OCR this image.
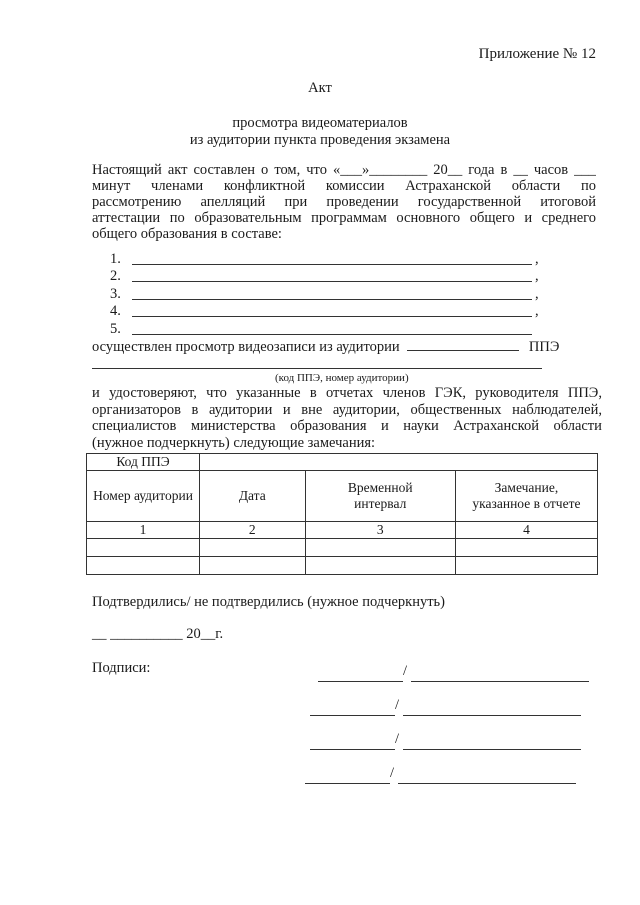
Приложение № 12
Акт
просмотра видеоматериалов
из аудитории пункта проведения экзамена
Настоящий акт составлен о том, что «___»________ 20__ года в __ часов ___
минут членами конфликтной комиссии Астраханской области по
рассмотрению апелляций при проведении государственной итоговой
аттестации по образовательным программам основного общего и среднего
общего образования в составе:
1.	,
2.	,
3.	,
4.	,
5.
осуществлен просмотр видеозаписи из аудитории	ППЭ
(код ППЭ, номер аудитории)
и удостоверяют, что указанные в отчетах членов ГЭК, руководителя ППЭ,
организаторов в аудитории и вне аудитории, общественных наблюдателей,
специалистов министерства образования и науки Астраханской области
(нужное подчеркнуть) следующие замечания:
Код ППЭ			
Номер аудитории	Дата	Временной интервал	Замечание, указанное в отчете
1	2	3	4

Подтвердились/ не подтвердились (нужное подчеркнуть)
__ __________ 20__г.
Подписи:	/
/
/
/
